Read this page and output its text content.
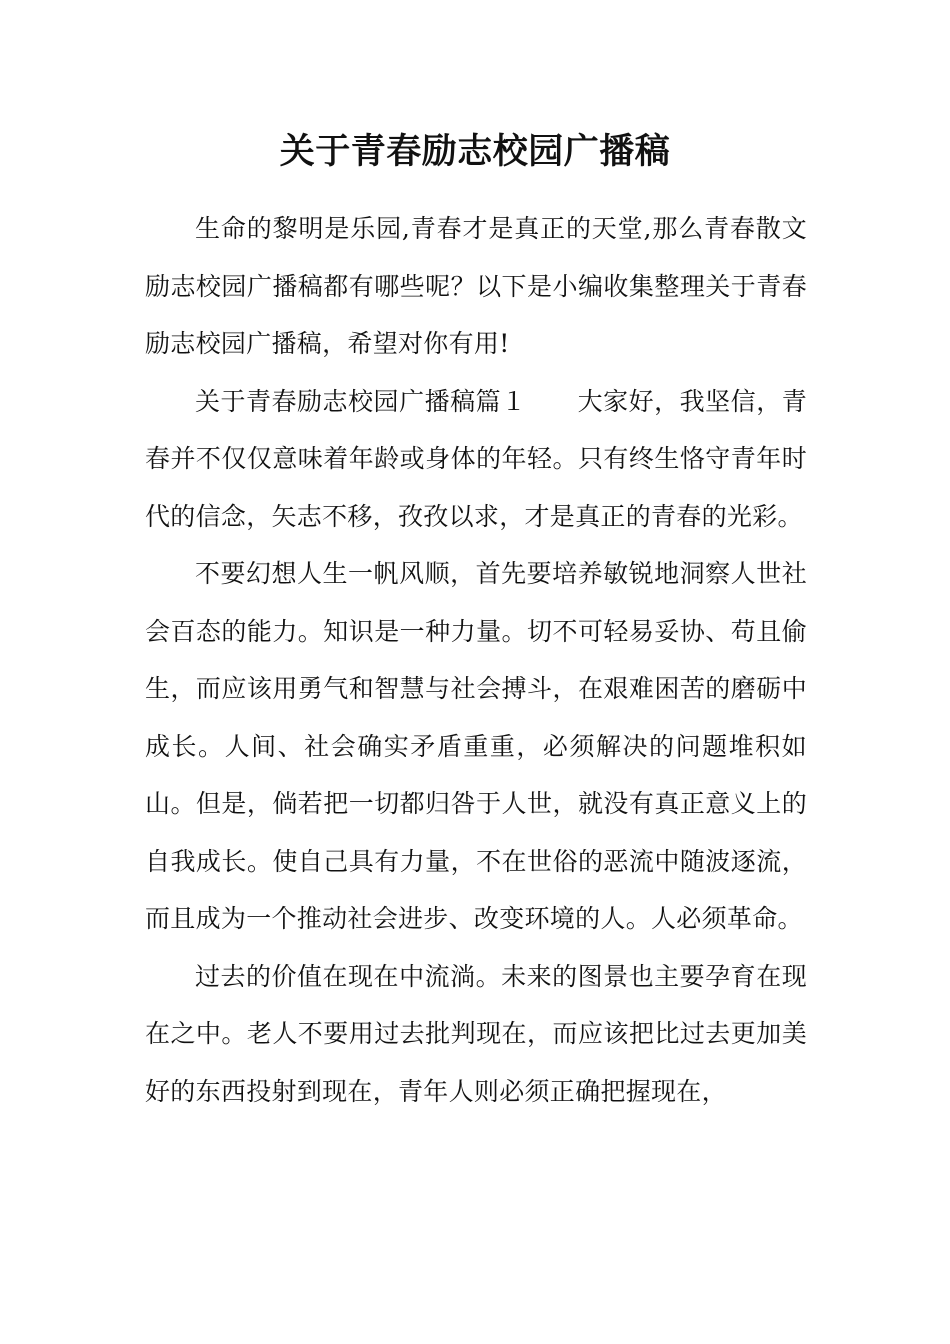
关于青春励志校园广播稿

生命的黎明是乐园,青春才是真正的天堂,那么青春散文励志校园广播稿都有哪些呢？以下是小编收集整理关于青春励志校园广播稿，希望对你有用!

关于青春励志校园广播稿篇１　　大家好，我坚信，青春并不仅仅意味着年龄或身体的年轻。只有终生恪守青年时代的信念，矢志不移，孜孜以求，才是真正的青春的光彩。

不要幻想人生一帆风顺，首先要培养敏锐地洞察人世社会百态的能力。知识是一种力量。切不可轻易妥协、苟且偷生，而应该用勇气和智慧与社会搏斗，在艰难困苦的磨砺中成长。人间、社会确实矛盾重重，必须解决的问题堆积如山。但是，倘若把一切都归咎于人世，就没有真正意义上的自我成长。使自己具有力量，不在世俗的恶流中随波逐流，而且成为一个推动社会进步、改变环境的人。人必须革命。

过去的价值在现在中流淌。未来的图景也主要孕育在现在之中。老人不要用过去批判现在，而应该把比过去更加美好的东西投射到现在，青年人则必须正确把握现在，
